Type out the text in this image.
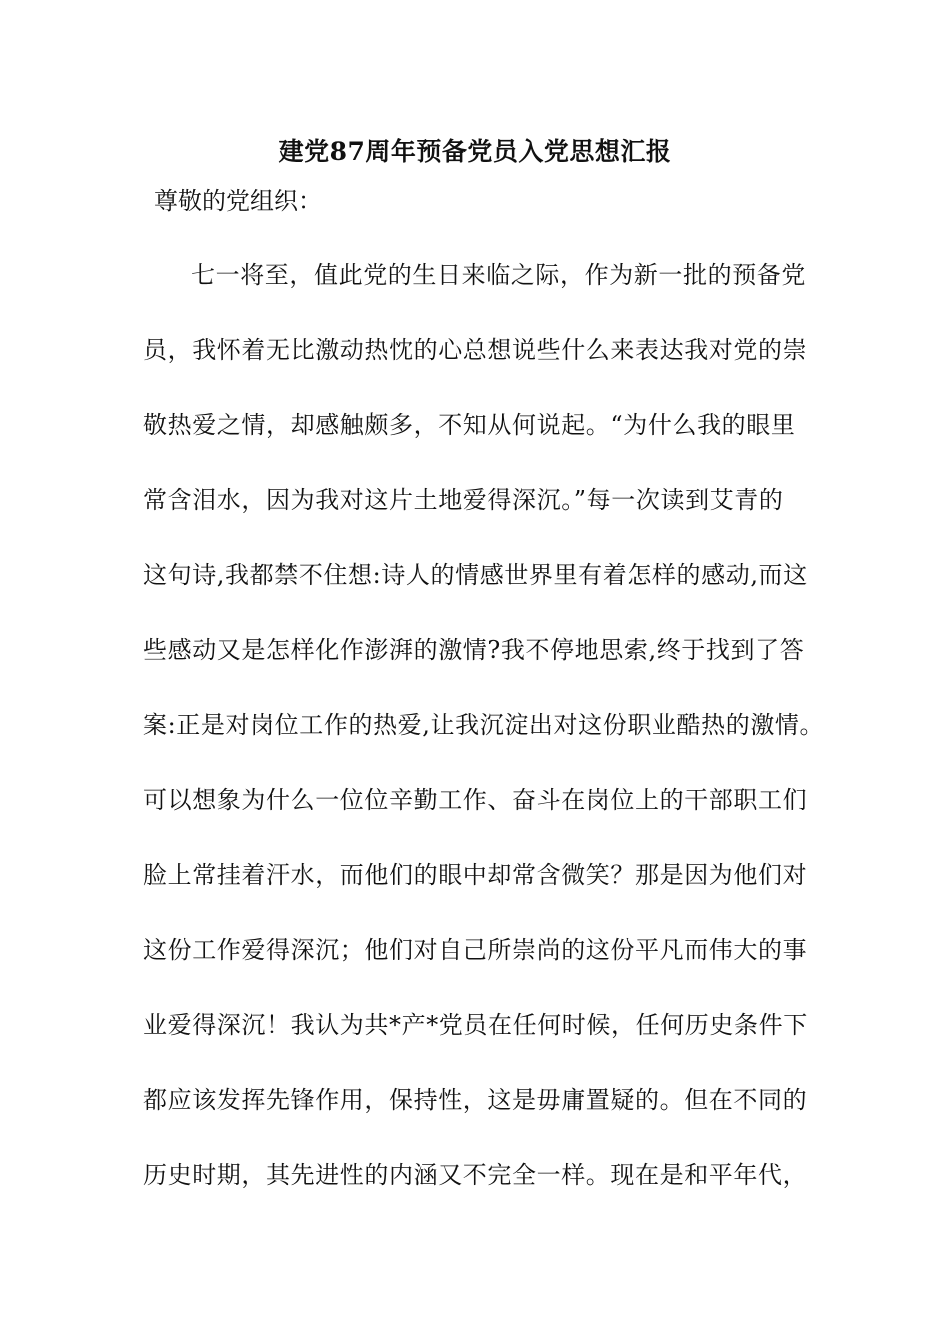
建党87周年预备党员入党思想汇报
尊敬的党组织：
七一将至，值此党的生日来临之际，作为新一批的预备党
员，我怀着无比激动热忱的心总想说些什么来表达我对党的崇
敬热爱之情，却感触颇多，不知从何说起。“为什么我的眼里
常含泪水，因为我对这片土地爱得深沉。”每一次读到艾青的
这句诗,我都禁不住想:诗人的情感世界里有着怎样的感动,而这
些感动又是怎样化作澎湃的激情?我不停地思索,终于找到了答
案:正是对岗位工作的热爱,让我沉淀出对这份职业酷热的激情。
可以想象为什么一位位辛勤工作、奋斗在岗位上的干部职工们
脸上常挂着汗水，而他们的眼中却常含微笑？那是因为他们对
这份工作爱得深沉；他们对自己所崇尚的这份平凡而伟大的事
业爱得深沉！我认为共*产*党员在任何时候，任何历史条件下
都应该发挥先锋作用，保持性，这是毋庸置疑的。但在不同的
历史时期，其先进性的内涵又不完全一样。现在是和平年代，
